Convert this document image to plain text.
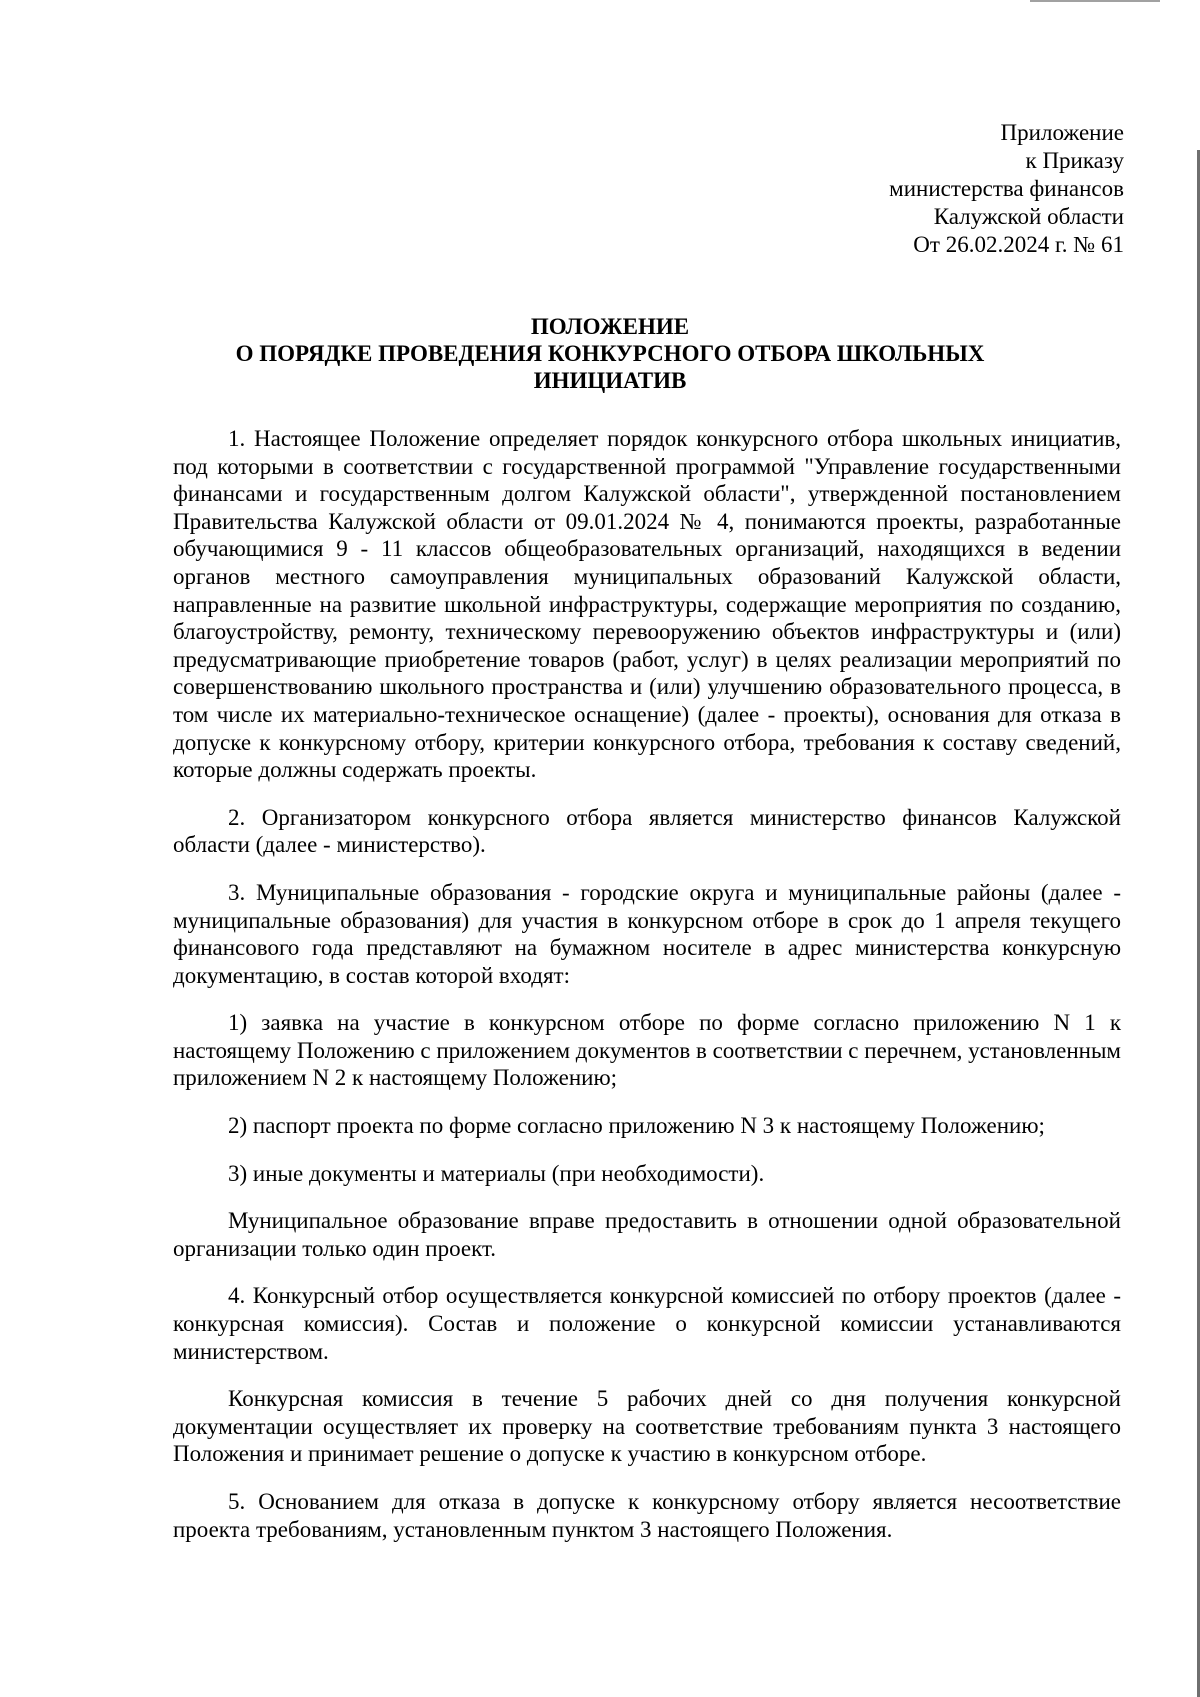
Приложение
к Приказу
министерства финансов
Калужской области
От 26.02.2024 г. № 61
ПОЛОЖЕНИЕ
О ПОРЯДКЕ ПРОВЕДЕНИЯ КОНКУРСНОГО ОТБОРА ШКОЛЬНЫХ
ИНИЦИАТИВ

1. Настоящее Положение определяет порядок конкурсного отбора школьных инициатив, под которыми в соответствии с государственной программой "Управление государственными финансами и государственным долгом Калужской области", утвержденной постановлением Правительства Калужской области от 09.01.2024 № 4, понимаются проекты, разработанные обучающимися 9 - 11 классов общеобразовательных организаций, находящихся в ведении органов местного самоуправления муниципальных образований Калужской области, направленные на развитие школьной инфраструктуры, содержащие мероприятия по созданию, благоустройству, ремонту, техническому перевооружению объектов инфраструктуры и (или) предусматривающие приобретение товаров (работ, услуг) в целях реализации мероприятий по совершенствованию школьного пространства и (или) улучшению образовательного процесса, в том числе их материально-техническое оснащение) (далее - проекты), основания для отказа в допуске к конкурсному отбору, критерии конкурсного отбора, требования к составу сведений, которые должны содержать проекты.

2. Организатором конкурсного отбора является министерство финансов Калужской области (далее - министерство).

3. Муниципальные образования - городские округа и муниципальные районы (далее - муниципальные образования) для участия в конкурсном отборе в срок до 1 апреля текущего финансового года представляют на бумажном носителе в адрес министерства конкурсную документацию, в состав которой входят:

1) заявка на участие в конкурсном отборе по форме согласно приложению N 1 к настоящему Положению с приложением документов в соответствии с перечнем, установленным приложением N 2 к настоящему Положению;

2) паспорт проекта по форме согласно приложению N 3 к настоящему Положению;

3) иные документы и материалы (при необходимости).

Муниципальное образование вправе предоставить в отношении одной образовательной организации только один проект.

4. Конкурсный отбор осуществляется конкурсной комиссией по отбору проектов (далее - конкурсная комиссия). Состав и положение о конкурсной комиссии устанавливаются министерством.

Конкурсная комиссия в течение 5 рабочих дней со дня получения конкурсной документации осуществляет их проверку на соответствие требованиям пункта 3 настоящего Положения и принимает решение о допуске к участию в конкурсном отборе.

5. Основанием для отказа в допуске к конкурсному отбору является несоответствие проекта требованиям, установленным пунктом 3 настоящего Положения.
